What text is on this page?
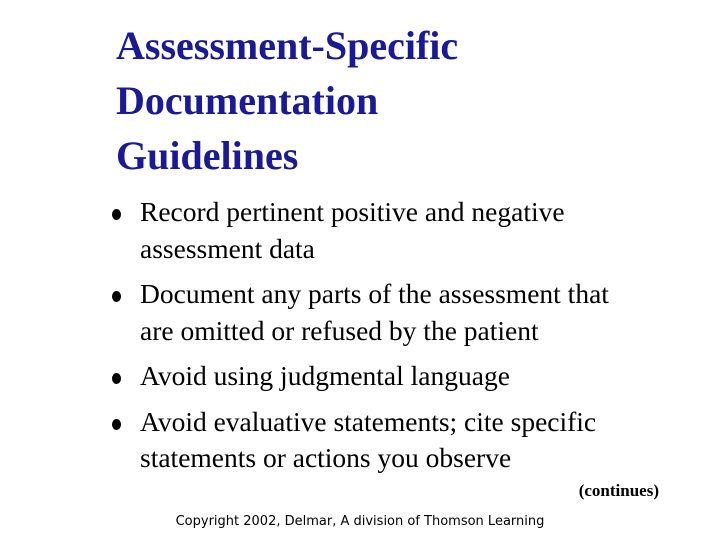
Assessment-Specific
Documentation
Guidelines
Record pertinent positive and negative
assessment data
Document any parts of the assessment that
are omitted or refused by the patient
Avoid using judgmental language
Avoid evaluative statements; cite specific
statements or actions you observe
(continues)
Copyright 2002, Delmar, A division of Thomson Learning
